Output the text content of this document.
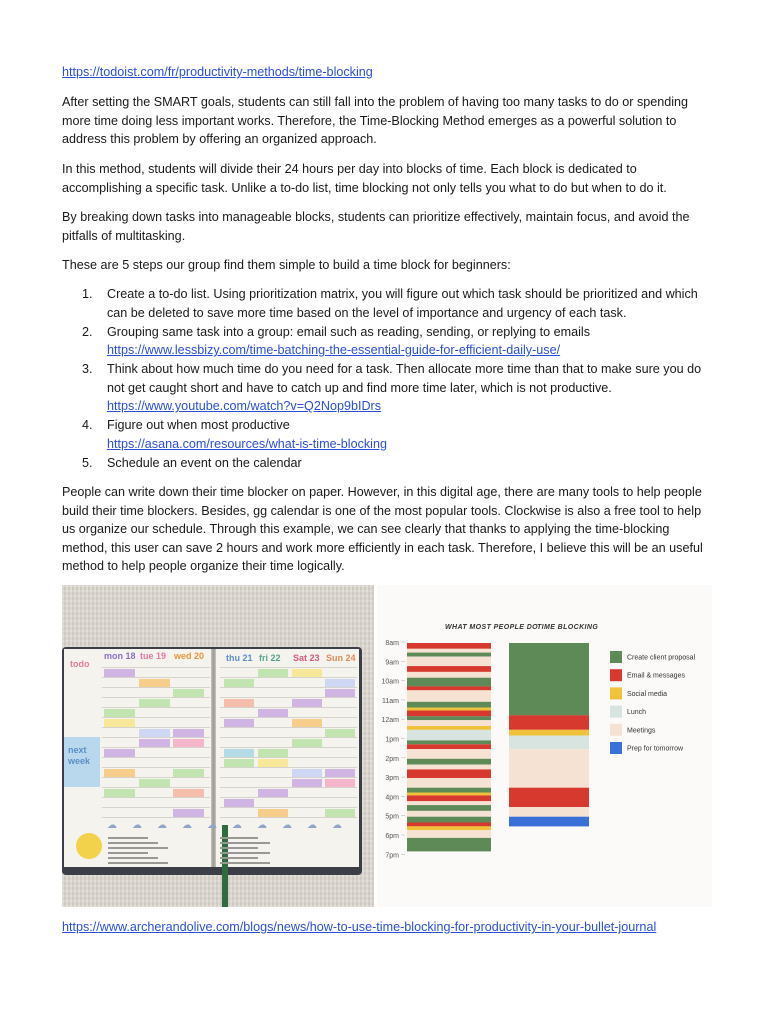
https://todoist.com/fr/productivity-methods/time-blocking

After setting the SMART goals, students can still fall into the problem of having too many tasks to do or spending more time doing less important works. Therefore, the Time-Blocking Method emerges as a powerful solution to address this problem by offering an organized approach.

In this method, students will divide their 24 hours per day into blocks of time. Each block is dedicated to accomplishing a specific task. Unlike a to-do list, time blocking not only tells you what to do but when to do it.

By breaking down tasks into manageable blocks, students can prioritize effectively, maintain focus, and avoid the pitfalls of multitasking.

These are 5 steps our group find them simple to build a time block for beginners:

1. Create a to-do list. Using prioritization matrix, you will figure out which task should be prioritized and which can be deleted to save more time based on the level of importance and urgency of each task.
2. Grouping same task into a group: email such as reading, sending, or replying to emails
https://www.lessbizy.com/time-batching-the-essential-guide-for-efficient-daily-use/
3. Think about how much time do you need for a task. Then allocate more time than that to make sure you do not get caught short and have to catch up and find more time later, which is not productive.
https://www.youtube.com/watch?v=Q2Nop9bIDrs
4. Figure out when most productive
https://asana.com/resources/what-is-time-blocking
5. Schedule an event on the calendar

People can write down their time blocker on paper. However, in this digital age, there are many tools to help people build their time blockers. Besides, gg calendar is one of the most popular tools. Clockwise is also a free tool to help us organize our schedule. Through this example, we can see clearly that thanks to applying the time-blocking method, this user can save 2 hours and work more efficiently in each task. Therefore, I believe this will be an useful method to help people organize their time logically.

todo
next week
mon 18 tue 19 wed 20 thu 21 fri 22 Sat 23 Sun 24
☁ ☁ ☁ ☁ ☁ ☁ ☁ ☁ ☁ ☁
WHAT MOST PEOPLE DO
TIME BLOCKING
8am
9am
10am
11am
12am
1pm
2pm
3pm
4pm
5pm
6pm
7pm
Create client proposal
Email & messages
Social media
Lunch
Meetings
Prep for tomorrow
https://www.archerandolive.com/blogs/news/how-to-use-time-blocking-for-productivity-in-your-bullet-journal
